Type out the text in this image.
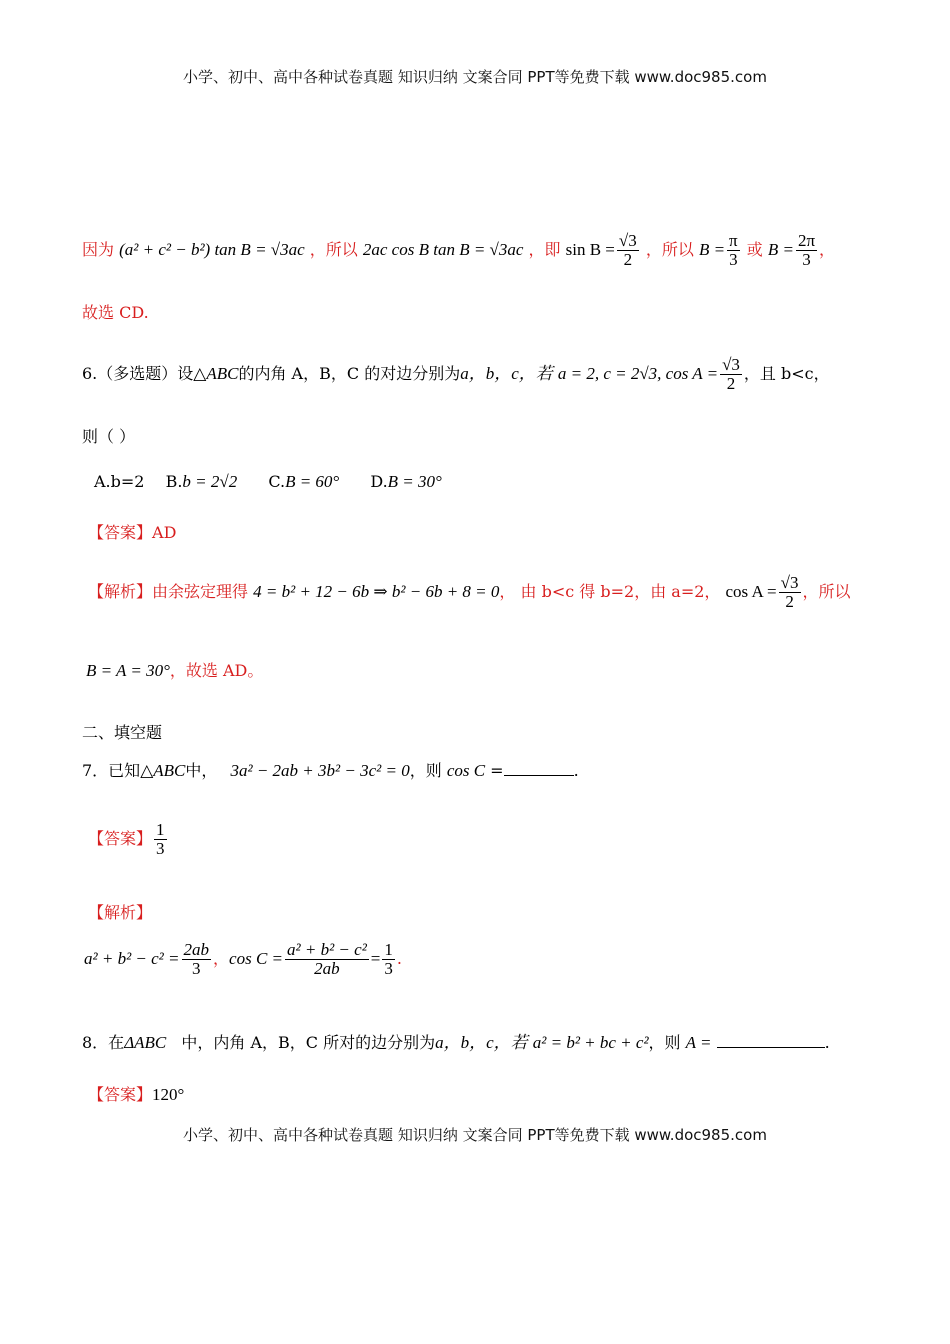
小学、初中、高中各种试卷真题 知识归纳 文案合同 PPT等免费下载 www.doc985.com
因为 (a² + c² − b²) tan B = √3ac ，所以 2ac cos B tan B = √3ac ，即 $\sin B = \frac{√3}{2}$ ，所以 $B = \frac{\pi}{3}$ 或 $B = \frac{2\pi}{3}$ ，
故选 CD.
6.（多选题）设△ABC的内角 A，B，C 的对边分别为a，b，c，若 a = 2, c = 2√3, $\cos A = \frac{√3}{2}$ ，且 b<c，
则（ ）
A.b=2 B.b = 2√2 C.B = 60° D.B = 30°
【答案】AD
【解析】由余弦定理得 4 = b² + 12 − 6b ⇒ b² − 6b + 8 = 0， 由 b<c 得 b=2，由 a=2， $\cos A = \frac{√3}{2}$ ，所以
B = A = 30°，故选 AD。
二、填空题
7．已知△ABC中， 3a² − 2ab + 3b² − 3c² = 0，则 cos C =	.
【答案】 $\frac{1}{3}$
【解析】
$a^2 + b^2 - c^2 = \frac{2ab}{3}$ ，$\cos C = \frac{\text{a² + b² − c²}}{2ab} = \frac{1}{3}$ .
8．在ΔABC 中，内角 A，B，C 所对的边分别为a，b，c，若 a² = b² + bc + c²，则 A =	.
【答案】120°
小学、初中、高中各种试卷真题 知识归纳 文案合同 PPT等免费下载 www.doc985.com
